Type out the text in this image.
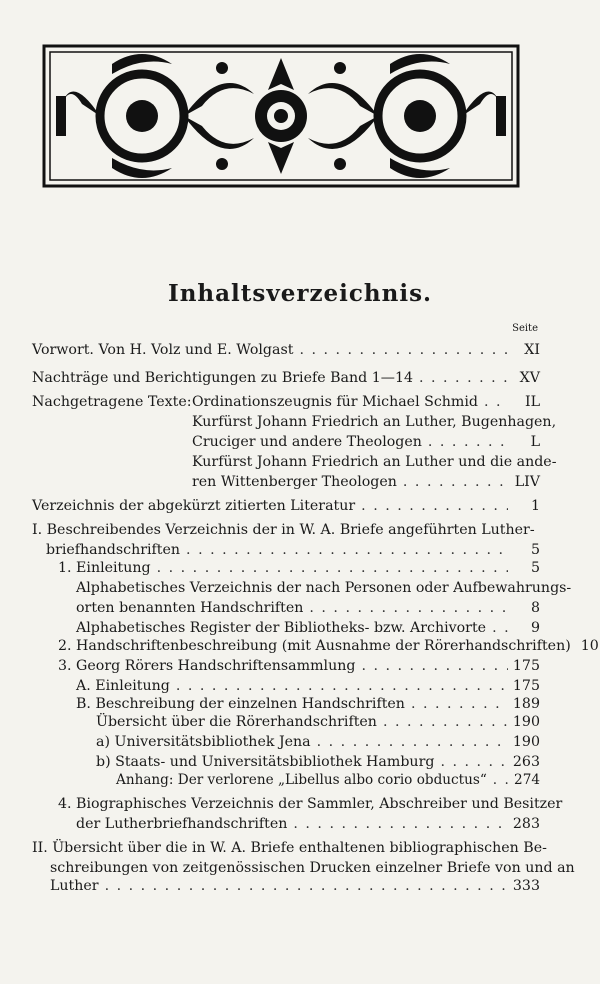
Inhaltsverzeichnis.
Seite
Vorwort. Von H. Volz und E. Wolgast . . .	XI
Nachträge und Berichtigungen zu Briefe Band 1—14 . . .	XV
Nachgetragene Texte: Ordinationszeugnis für Michael Schmid . . .	IL
Kurfürst Johann Friedrich an Luther, Bugenhagen,
Cruciger und andere Theologen . . .	L
Kurfürst Johann Friedrich an Luther und die ande-
ren Wittenberger Theologen . . .	LIV
Verzeichnis der abgekürzt zitierten Literatur . . .	1
I. Beschreibendes Verzeichnis der in W. A. Briefe angeführten Luther-
briefhandschriften . . .	5
1. Einleitung . . .	5
Alphabetisches Verzeichnis der nach Personen oder Aufbewahrungs-
orten benannten Handschriften . . .	8
Alphabetisches Register der Bibliotheks- bzw. Archivorte . . .	9
2. Handschriftenbeschreibung (mit Ausnahme der Rörerhandschriften) 10
3. Georg Rörers Handschriftensammlung . . .	175
A. Einleitung . . .	175
B. Beschreibung der einzelnen Handschriften . . .	189
Übersicht über die Rörerhandschriften . . .	190
a) Universitätsbibliothek Jena . . .	190
b) Staats- und Universitätsbibliothek Hamburg . . .	263
Anhang: Der verlorene „Libellus albo corio obductus“ . . . 274
4. Biographisches Verzeichnis der Sammler, Abschreiber und Besitzer
der Lutherbriefhandschriften . . .	283
II. Übersicht über die in W. A. Briefe enthaltenen bibliographischen Be-
schreibungen von zeitgenössischen Drucken einzelner Briefe von und an
Luther . . .	333
